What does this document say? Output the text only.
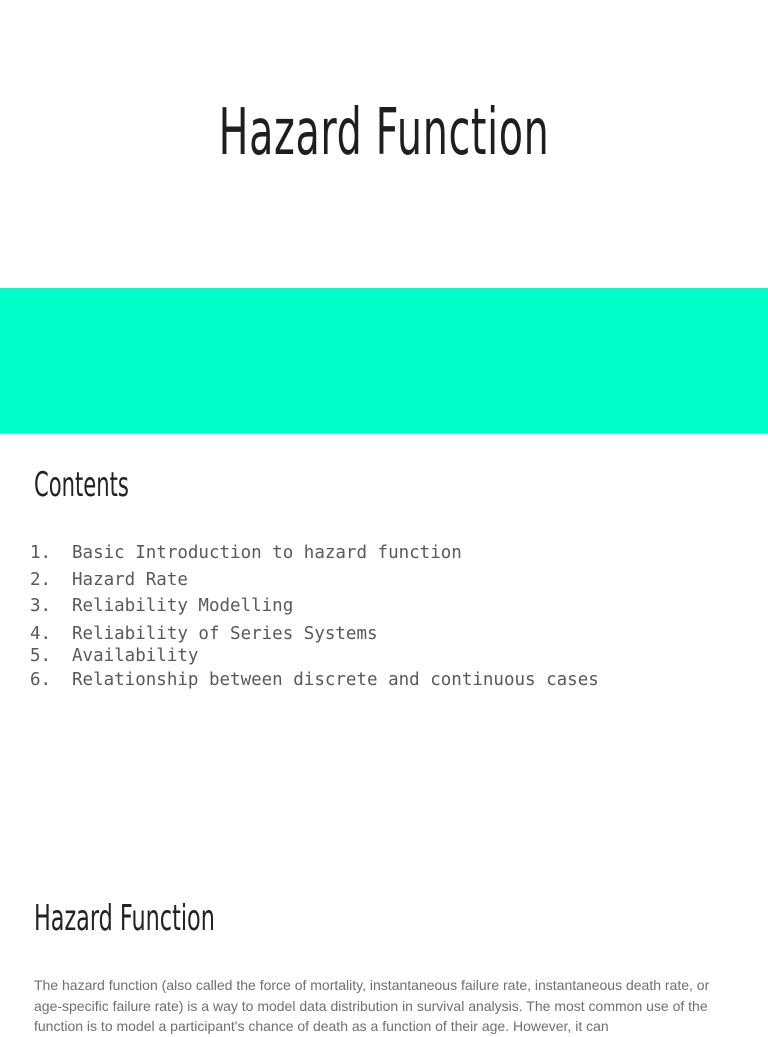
Hazard Function
Contents
1. Basic Introduction to hazard function
2. Hazard Rate
3. Reliability Modelling
4. Reliability of Series Systems
5. Availability
6. Relationship between discrete and continuous cases
Hazard Function

The hazard function (also called the force of mortality, instantaneous failure rate, instantaneous death rate, or age-specific failure rate) is a way to model data distribution in survival analysis. The most common use of the function is to model a participant's chance of death as a function of their age. However, it can
